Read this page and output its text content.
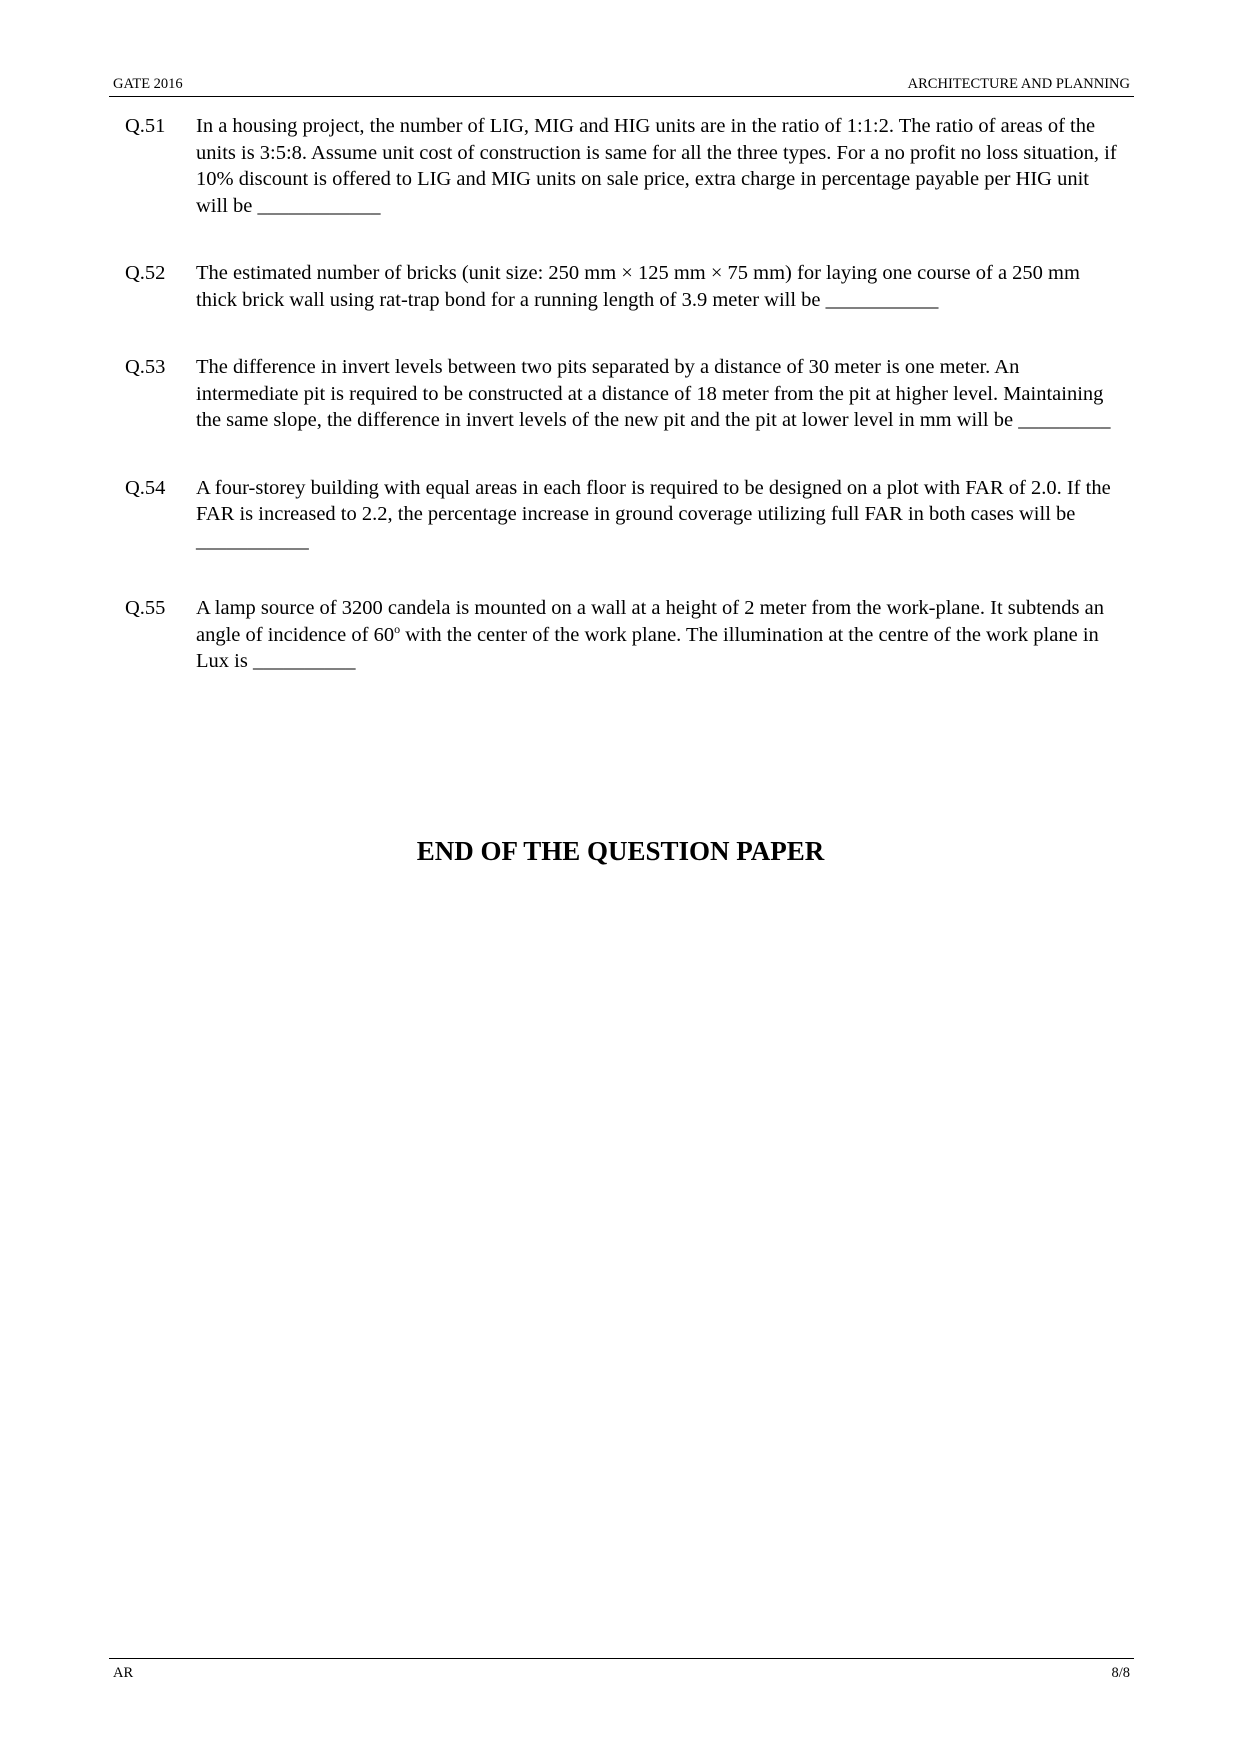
GATE 2016	ARCHITECTURE AND PLANNING
Q.51 In a housing project, the number of LIG, MIG and HIG units are in the ratio of 1:1:2. The ratio of areas of the units is 3:5:8. Assume unit cost of construction is same for all the three types. For a no profit no loss situation, if 10% discount is offered to LIG and MIG units on sale price, extra charge in percentage payable per HIG unit will be ____________
Q.52 The estimated number of bricks (unit size: 250 mm × 125 mm × 75 mm) for laying one course of a 250 mm thick brick wall using rat-trap bond for a running length of 3.9 meter will be ___________
Q.53 The difference in invert levels between two pits separated by a distance of 30 meter is one meter. An intermediate pit is required to be constructed at a distance of 18 meter from the pit at higher level. Maintaining the same slope, the difference in invert levels of the new pit and the pit at lower level in mm will be _________
Q.54 A four-storey building with equal areas in each floor is required to be designed on a plot with FAR of 2.0. If the FAR is increased to 2.2, the percentage increase in ground coverage utilizing full FAR in both cases will be ___________
Q.55 A lamp source of 3200 candela is mounted on a wall at a height of 2 meter from the work-plane. It subtends an angle of incidence of 60$^o$ with the center of the work plane. The illumination at the centre of the work plane in Lux is __________
END OF THE QUESTION PAPER
AR	8/8
